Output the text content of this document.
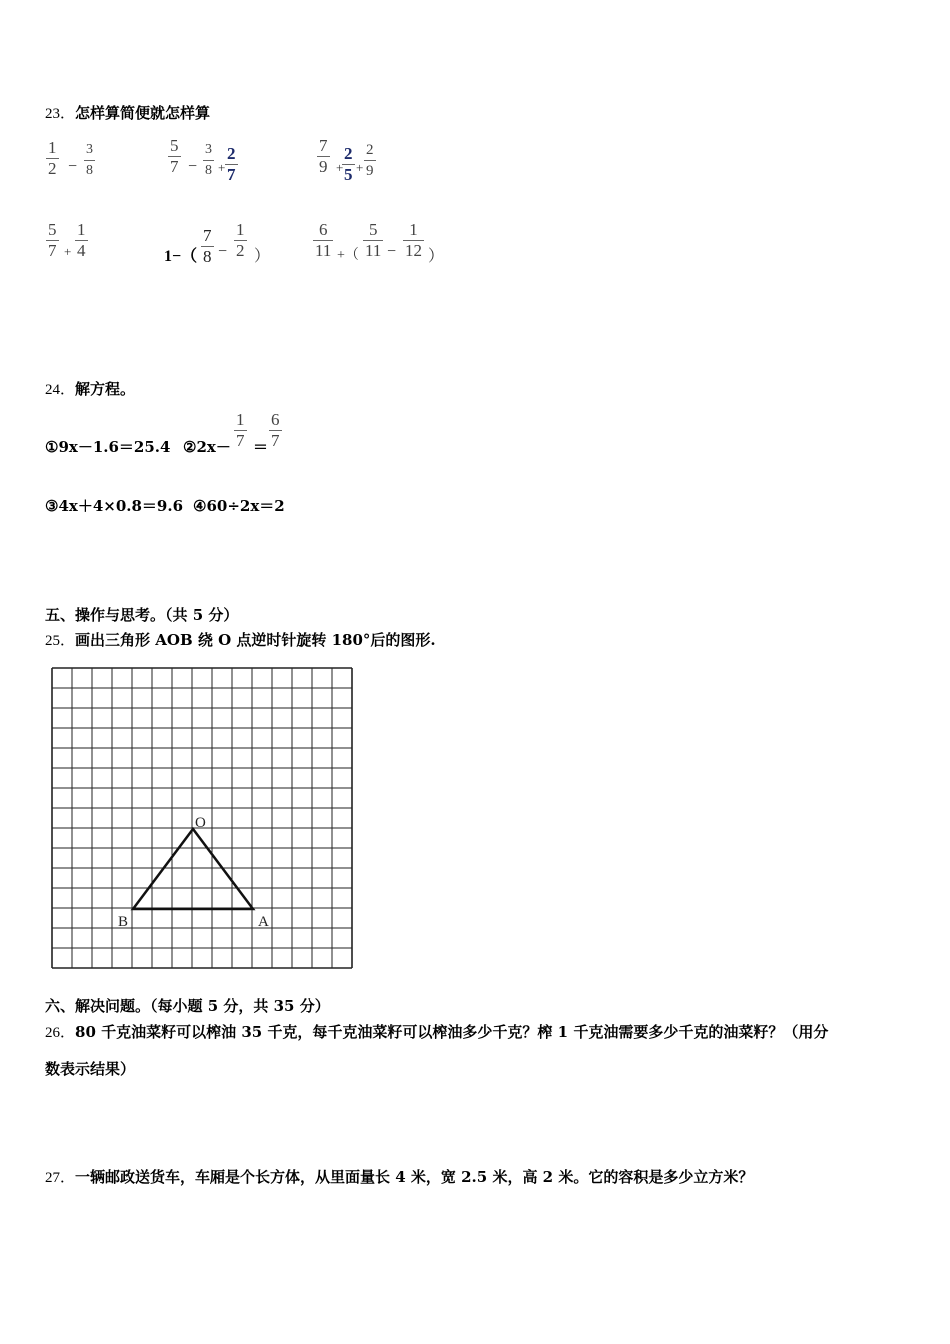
23．怎样算简便就怎样算
$\frac{1}{2} - \frac{3}{8}$	$\frac{5}{7} - \frac{3}{8} + \frac{2}{7}$	$\frac{7}{9}$ +
$\frac{2}{5} + \frac{2}{9}$
$\frac{5}{7} + \frac{1}{4}$	$1-( \frac{7}{8} - \frac{1}{2}$ ）	$\frac{6}{11}$ +（ $\frac{5}{11} - \frac{1}{12}$ ）
24．解方程。
①9x－1.6＝25.4 ②2x－ $\frac{1}{7} = \frac{6}{7}$
③4x＋4×0.8＝9.6 ④60÷2x＝2
五、操作与思考。（共 5 分）
25．画出三角形 AOB 绕 O 点逆时针旋转 180°后的图形.
O
A
B
六、解决问题。（每小题 5 分，共 35 分）
26．80 千克油菜籽可以榨油 35 千克，每千克油菜籽可以榨油多少千克？榨 1 千克油需要多少千克的油菜籽？（用分
数表示结果）
27．一辆邮政送货车，车厢是个长方体，从里面量长 4 米，宽 2.5 米，高 2 米。它的容积是多少立方米？
